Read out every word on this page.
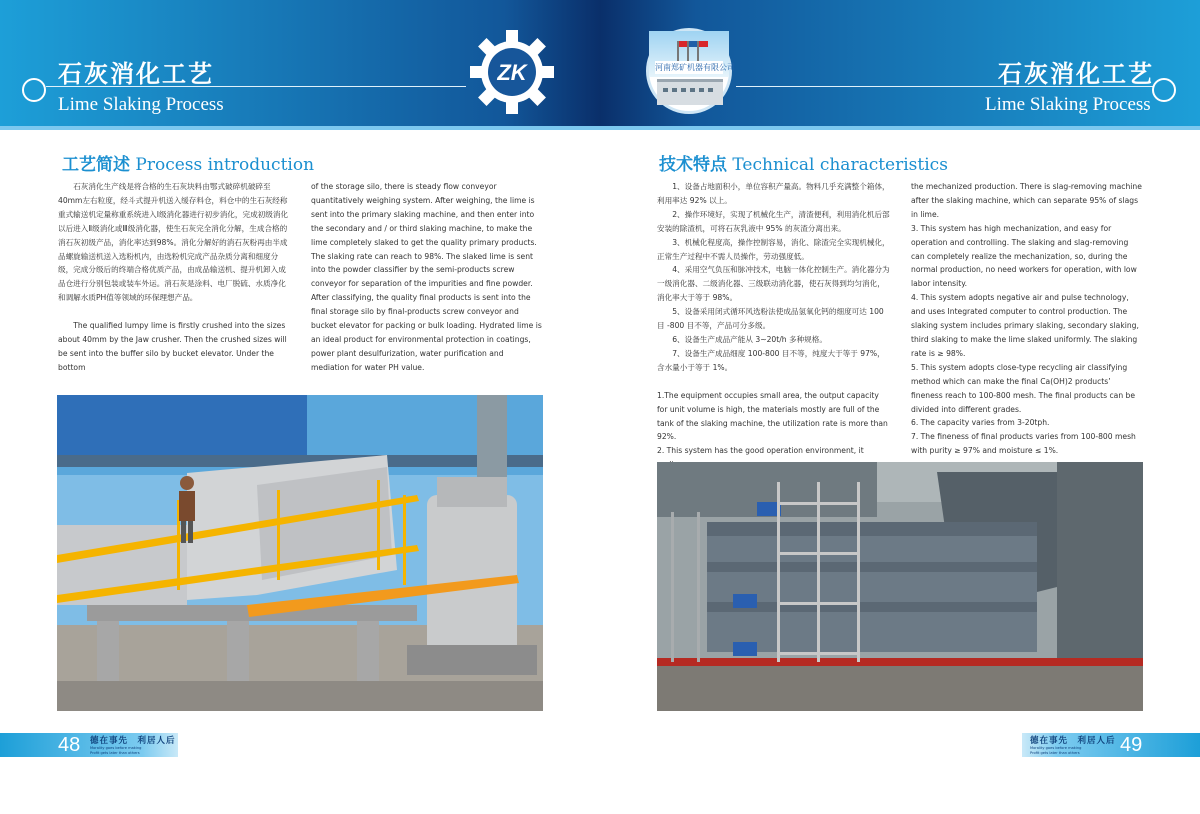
石灰消化工艺
Lime Slaking Process
石灰消化工艺
Lime Slaking Process
ZK	河南郑矿机器有限公司
工艺简述 Process introduction

石灰消化生产线是将合格的生石灰块料由鄂式破碎机破碎至40mm左右粒度，经斗式提升机送入缓存料仓，料仓中的生石灰经称重式输送机定量称重系统进入Ⅰ级消化器进行初步消化，完成初级消化以后进入Ⅱ级消化或Ⅲ级消化器，使生石灰完全消化分解，生成合格的消石灰初级产品，消化率达到98%。消化分解好的消石灰粉再由半成品螺旋输送机送入选粉机内，由选粉机完成产品杂质分离和细度分级，完成分级后的终端合格优质产品，由成品输送机、提升机卸入成品仓进行分别包装或装车外运。消石灰是涂料、电厂脱硫、水质净化和调解水质PH值等领域的环保理想产品。

The qualified lumpy lime is firstly crushed into the sizes about 40mm by the Jaw crusher. Then the crushed sizes will be sent into the buffer silo by bucket elevator. Under the bottom

of the storage silo, there is steady flow conveyor quantitatively weighing system. After weighing, the lime is sent into the primary slaking machine, and then enter into the secondary and / or third slaking machine, to make the lime completely slaked to get the quality primary products. The slaking rate can reach to 98%. The slaked lime is sent into the powder classifier by the semi-products screw conveyor for separation of the impurities and fine powder. After classifying, the quality final products is sent into the final storage silo by final-products screw conveyor and bucket elevator for packing or bulk loading. Hydrated lime is an ideal product for environmental protection in coatings, power plant desulfurization, water purification and mediation for water PH value.

技术特点 Technical characteristics

1、设备占地面积小，单位容积产量高。物料几乎充满整个箱体，利用率达 92% 以上。

2、操作环境好，实现了机械化生产，清渣便利，利用消化机后部安装的除渣机，可将石灰乳液中 95% 的灰渣分离出来。

3、机械化程度高，操作控制容易，消化、除渣完全实现机械化，正常生产过程中不需人员操作，劳动强度低。

4、采用空气负压和脉冲技术，电脑一体化控制生产。消化器分为一级消化器、二级消化器、三级联动消化器，使石灰得到均匀消化，消化率大于等于 98%。

5、设备采用闭式循环风选粉法使成品氢氧化钙的细度可达 100 目 -800 目不等，产品可分多级。

6、设备生产成品产能从 3~20t/h 多种规格。

7、设备生产成品细度 100-800 目不等，纯度大于等于 97%，含水量小于等于 1%。

1.The equipment occupies small area, the output capacity for unit volume is high, the materials mostly are full of the tank of the slaking machine, the utilization rate is more than 92%.

2. This system has the good operation environment, it

the mechanized production. There is slag-removing machine after the slaking machine, which can separate 95% of slags in lime.

3. This system has high mechanization, and easy for operation and controlling. The slaking and slag-removing can completely realize the mechanization, so, during the normal production, no need workers for operation, with low labor intensity.

4. This system adopts negative air and pulse technology, and uses Integrated computer to control production. The slaking system includes primary slaking, secondary slaking, third slaking to make the lime slaked uniformly. The slaking rate is ≥ 98%.

5. This system adopts close-type recycling air classifying method which can make the final Ca(OH)2 products’ fineness reach to 100-800 mesh. The final products can be divided into different grades.

6. The capacity varies from 3-20tph.

7. The fineness of final products varies from 100-800 mesh with purity ≥ 97% and moisture ≤ 1%.

48 德在事先　利居人后
Morality goes before making
Profit gets later than others
德在事先　利居人后
Morality goes before making
Profit gets later than others	49
